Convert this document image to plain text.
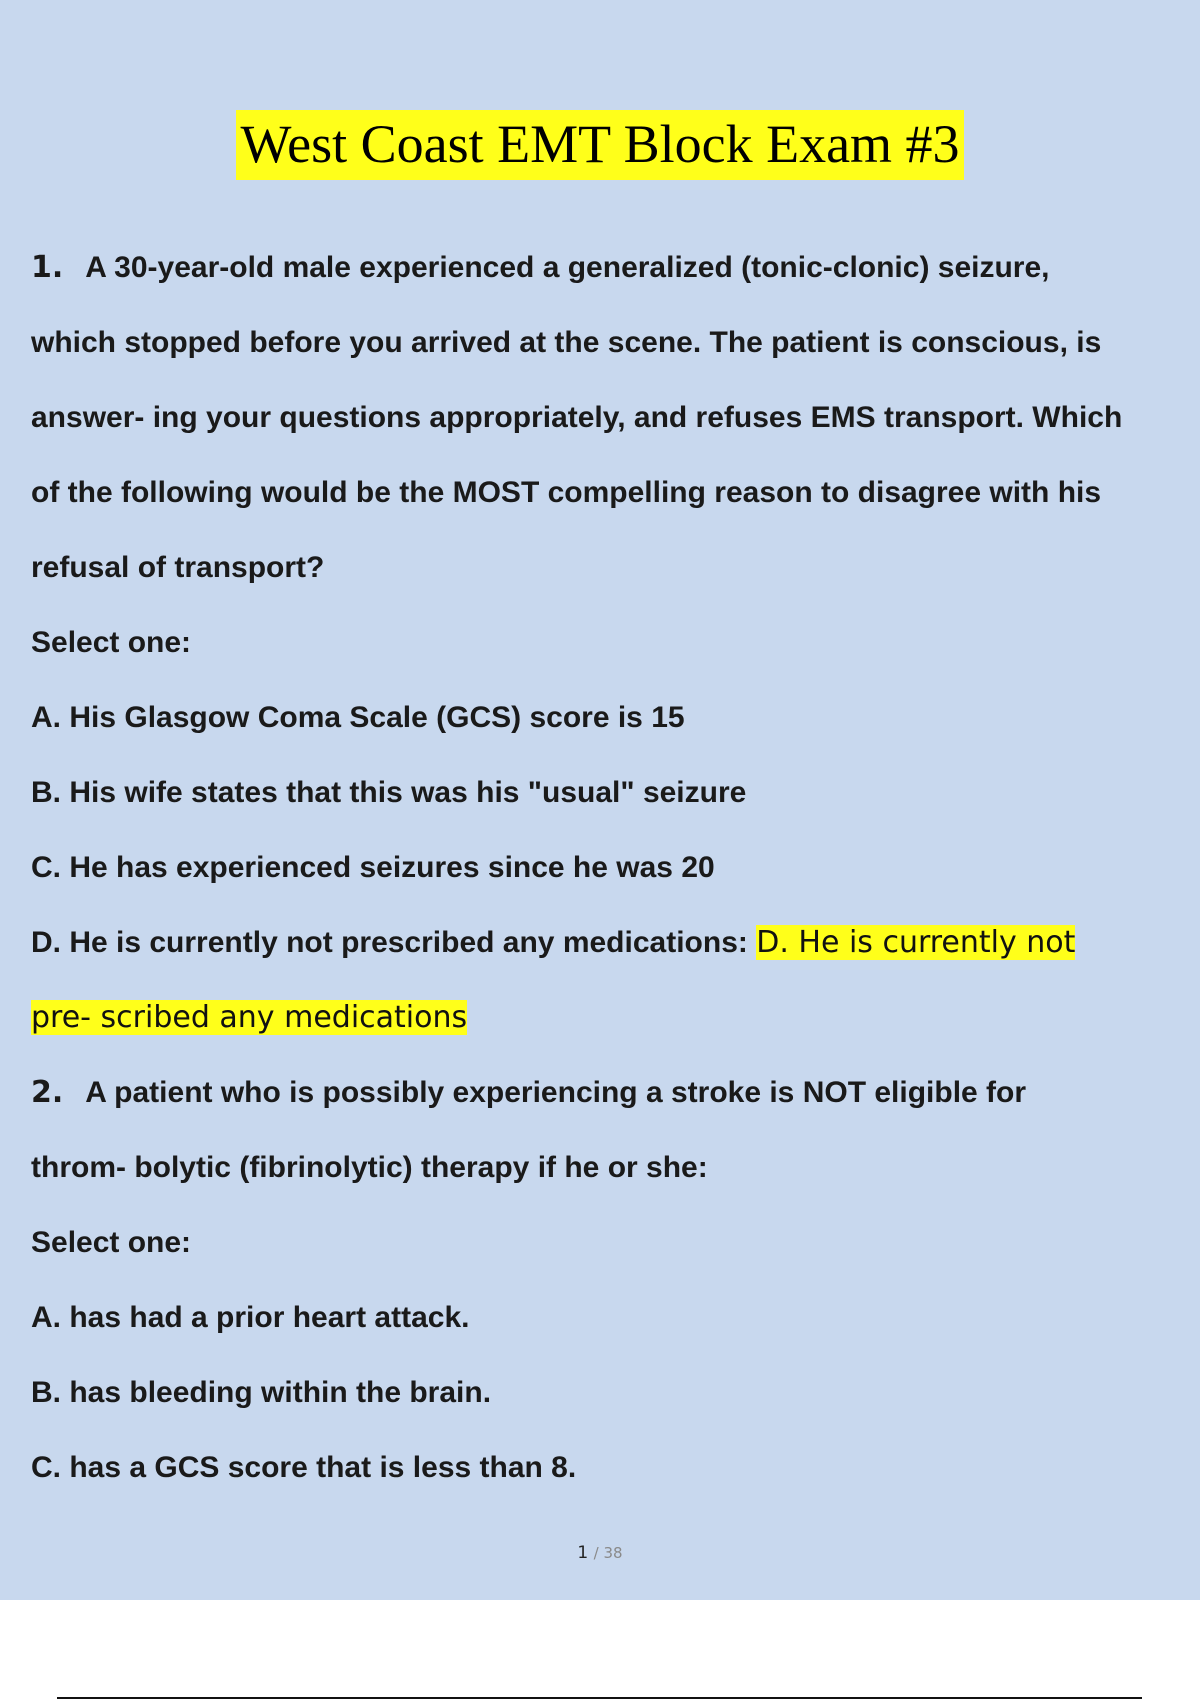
West Coast EMT Block Exam #3
1. A 30-year-old male experienced a generalized (tonic-clonic) seizure,
which stopped before you arrived at the scene. The patient is conscious, is
answer- ing your questions appropriately, and refuses EMS transport. Which
of the following would be the MOST compelling reason to disagree with his
refusal of transport?
Select one:
A. His Glasgow Coma Scale (GCS) score is 15
B. His wife states that this was his "usual" seizure
C. He has experienced seizures since he was 20
D. He is currently not prescribed any medications: D. He is currently not
pre- scribed any medications
2. A patient who is possibly experiencing a stroke is NOT eligible for
throm- bolytic (fibrinolytic) therapy if he or she:
Select one:
A. has had a prior heart attack.
B. has bleeding within the brain.
C. has a GCS score that is less than 8.
1 / 38
